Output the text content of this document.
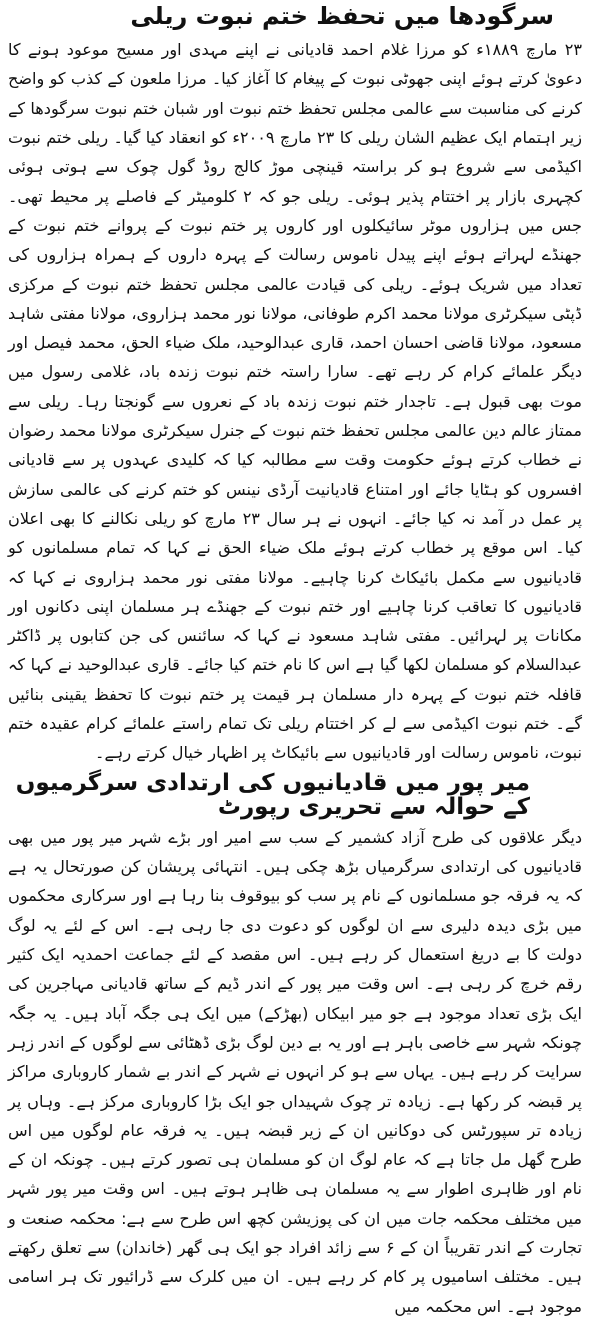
سرگودھا میں تحفظ ختم نبوت ریلی

۲۳ مارچ ۱۸۸۹ء کو مرزا غلام احمد قادیانی نے اپنے مہدی اور مسیح موعود ہونے کا دعویٰ کرتے ہوئے اپنی جھوٹی نبوت کے پیغام کا آغاز کیا۔ مرزا ملعون کے کذب کو واضح کرنے کی مناسبت سے عالمی مجلس تحفظ ختم نبوت اور شبان ختم نبوت سرگودھا کے زیر اہتمام ایک عظیم الشان ریلی کا ۲۳ مارچ ۲۰۰۹ء کو انعقاد کیا گیا۔ ریلی ختم نبوت اکیڈمی سے شروع ہو کر براستہ قینچی موڑ کالج روڈ گول چوک سے ہوتی ہوئی کچہری بازار پر اختتام پذیر ہوئی۔ ریلی جو کہ ۲ کلومیٹر کے فاصلے پر محیط تھی۔ جس میں ہزاروں موٹر سائیکلوں اور کاروں پر ختم نبوت کے پروانے ختم نبوت کے جھنڈے لہراتے ہوئے اپنے پیدل ناموس رسالت کے پہرہ داروں کے ہمراہ ہزاروں کی تعداد میں شریک ہوئے۔ ریلی کی قیادت عالمی مجلس تحفظ ختم نبوت کے مرکزی ڈپٹی سیکرٹری مولانا محمد اکرم طوفانی، مولانا نور محمد ہزاروی، مولانا مفتی شاہد مسعود، مولانا قاضی احسان احمد، قاری عبدالوحید، ملک ضیاء الحق، محمد فیصل اور دیگر علمائے کرام کر رہے تھے۔ سارا راستہ ختم نبوت زندہ باد، غلامی رسول میں موت بھی قبول ہے۔ تاجدار ختم نبوت زندہ باد کے نعروں سے گونجتا رہا۔ ریلی سے ممتاز عالم دین عالمی مجلس تحفظ ختم نبوت کے جنرل سیکرٹری مولانا محمد رضوان نے خطاب کرتے ہوئے حکومت وقت سے مطالبہ کیا کہ کلیدی عہدوں پر سے قادیانی افسروں کو ہٹایا جائے اور امتناع قادیانیت آرڈی نینس کو ختم کرنے کی عالمی سازش پر عمل در آمد نہ کیا جائے۔ انہوں نے ہر سال ۲۳ مارچ کو ریلی نکالنے کا بھی اعلان کیا۔ اس موقع پر خطاب کرتے ہوئے ملک ضیاء الحق نے کہا کہ تمام مسلمانوں کو قادیانیوں سے مکمل بائیکاٹ کرنا چاہیے۔ مولانا مفتی نور محمد ہزاروی نے کہا کہ قادیانیوں کا تعاقب کرنا چاہیے اور ختم نبوت کے جھنڈے ہر مسلمان اپنی دکانوں اور مکانات پر لہرائیں۔ مفتی شاہد مسعود نے کہا کہ سائنس کی جن کتابوں پر ڈاکٹر عبدالسلام کو مسلمان لکھا گیا ہے اس کا نام ختم کیا جائے۔ قاری عبدالوحید نے کہا کہ قافلہ ختم نبوت کے پہرہ دار مسلمان ہر قیمت پر ختم نبوت کا تحفظ یقینی بنائیں گے۔ ختم نبوت اکیڈمی سے لے کر اختتام ریلی تک تمام راستے علمائے کرام عقیدہ ختم نبوت، ناموس رسالت اور قادیانیوں سے بائیکاٹ پر اظہار خیال کرتے رہے۔

میر پور میں قادیانیوں کی ارتدادی سرگرمیوں کے حوالہ سے تحریری رپورٹ

دیگر علاقوں کی طرح آزاد کشمیر کے سب سے امیر اور بڑے شہر میر پور میں بھی قادیانیوں کی ارتدادی سرگرمیاں بڑھ چکی ہیں۔ انتہائی پریشان کن صورتحال یہ ہے کہ یہ فرقہ جو مسلمانوں کے نام پر سب کو بیوقوف بنا رہا ہے اور سرکاری محکموں میں بڑی دیدہ دلیری سے ان لوگوں کو دعوت دی جا رہی ہے۔ اس کے لئے یہ لوگ دولت کا بے دریغ استعمال کر رہے ہیں۔ اس مقصد کے لئے جماعت احمدیہ ایک کثیر رقم خرچ کر رہی ہے۔ اس وقت میر پور کے اندر ڈیم کے ساتھ قادیانی مہاجرین کی ایک بڑی تعداد موجود ہے جو میر ابیکاں (بھڑکے) میں ایک ہی جگہ آباد ہیں۔ یہ جگہ چونکہ شہر سے خاصی باہر ہے اور یہ بے دین لوگ بڑی ڈھٹائی سے لوگوں کے اندر زہر سرایت کر رہے ہیں۔ یہاں سے ہو کر انہوں نے شہر کے اندر بے شمار کاروباری مراکز پر قبضہ کر رکھا ہے۔ زیادہ تر چوک شہیداں جو ایک بڑا کاروباری مرکز ہے۔ وہاں پر زیادہ تر سپورٹس کی دوکانیں ان کے زیر قبضہ ہیں۔ یہ فرقہ عام لوگوں میں اس طرح گھل مل جاتا ہے کہ عام لوگ ان کو مسلمان ہی تصور کرتے ہیں۔ چونکہ ان کے نام اور ظاہری اطوار سے یہ مسلمان ہی ظاہر ہوتے ہیں۔ اس وقت میر پور شہر میں مختلف محکمہ جات میں ان کی پوزیشن کچھ اس طرح سے ہے: محکمہ صنعت و تجارت کے اندر تقریباً ان کے ۶ سے زائد افراد جو ایک ہی گھر (خاندان) سے تعلق رکھتے ہیں۔ مختلف اسامیوں پر کام کر رہے ہیں۔ ان میں کلرک سے ڈرائیور تک ہر اسامی موجود ہے۔ اس محکمہ میں
